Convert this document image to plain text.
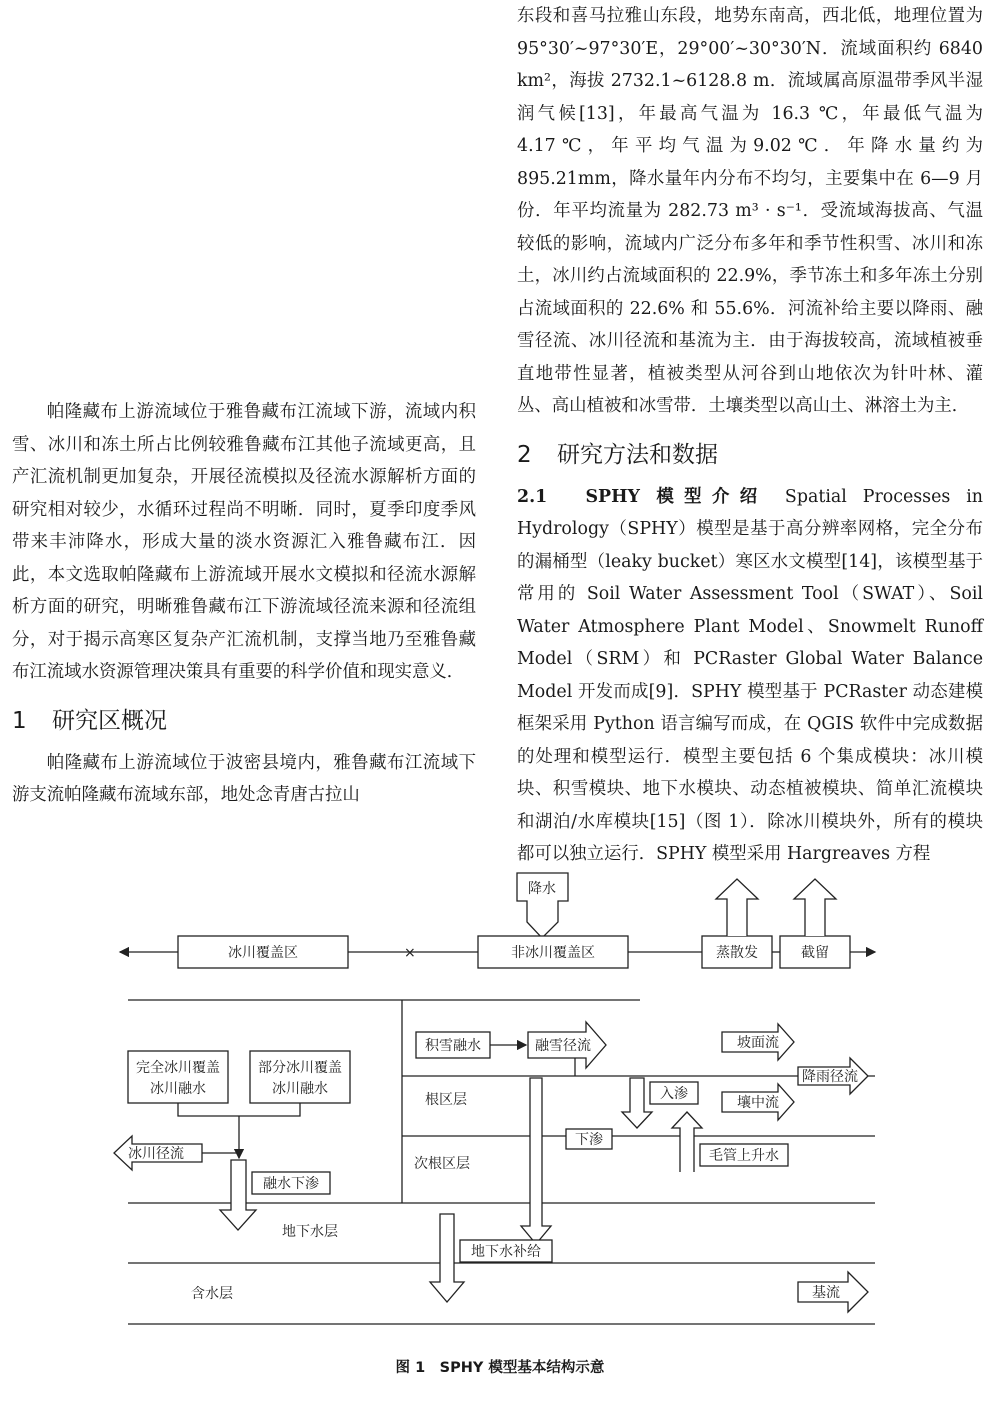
帕隆藏布上游流域位于雅鲁藏布江流域下游，流域内积雪、冰川和冻土所占比例较雅鲁藏布江其他子流域更高，且产汇流机制更加复杂，开展径流模拟及径流水源解析方面的研究相对较少，水循环过程尚不明晰．同时，夏季印度季风带来丰沛降水，形成大量的淡水资源汇入雅鲁藏布江．因此，本文选取帕隆藏布上游流域开展水文模拟和径流水源解析方面的研究，明晰雅鲁藏布江下游流域径流来源和径流组分，对于揭示高寒区复杂产汇流机制，支撑当地乃至雅鲁藏布江流域水资源管理决策具有重要的科学价值和现实意义．

1 研究区概况

帕隆藏布上游流域位于波密县境内，雅鲁藏布江流域下游支流帕隆藏布流域东部，地处念青唐古拉山

东段和喜马拉雅山东段，地势东南高，西北低，地理位置为 95°30′~97°30′E，29°00′~30°30′N．流域面积约 6840 km²，海拔 2732.1~6128.8 m．流域属高原温带季风半湿润气候[13]，年最高气温为 16.3 ℃，年最低气温为4.17℃，年平均气温为9.02℃．年降水量约为895.21mm，降水量年内分布不均匀，主要集中在 6—9 月份．年平均流量为 282.73 m³ · s⁻¹．受流域海拔高、气温较低的影响，流域内广泛分布多年和季节性积雪、冰川和冻土，冰川约占流域面积的 22.9%，季节冻土和多年冻土分别占流域面积的 22.6% 和 55.6%．河流补给主要以降雨、融雪径流、冰川径流和基流为主．由于海拔较高，流域植被垂直地带性显著，植被类型从河谷到山地依次为针叶林、灌丛、高山植被和冰雪带．土壤类型以高山土、淋溶土为主．

2 研究方法和数据

2.1　SPHY 模型介绍  Spatial Processes in Hydrology（SPHY）模型是基于高分辨率网格，完全分布的漏桶型（leaky bucket）寒区水文模型[14]，该模型基于常用的 Soil Water Assessment Tool（SWAT）、Soil Water Atmosphere Plant Model、Snowmelt Runoff Model（SRM）和 PCRaster Global Water Balance Model 开发而成[9]．SPHY 模型基于 PCRaster 动态建模框架采用 Python 语言编写而成，在 QGIS 软件中完成数据的处理和模型运行．模型主要包括 6 个集成模块：冰川模块、积雪模块、地下水模块、动态植被模块、简单汇流模块和湖泊/水库模块[15]（图 1）．除冰川模块外，所有的模块都可以独立运行．SPHY 模型采用 Hargreaves 方程

降水
冰川覆盖区	×	非冰川覆盖区	蒸散发	截留
完全冰川覆盖
冰川融水
部分冰川覆盖
冰川融水
冰川径流
融水下渗
积雪融水	融雪径流	坡面流
降雨径流
根区层	入渗
壤中流
毛管上升水
下渗
次根区层
地下水层
地下水补给
含水层	基流
图 1　SPHY 模型基本结构示意
